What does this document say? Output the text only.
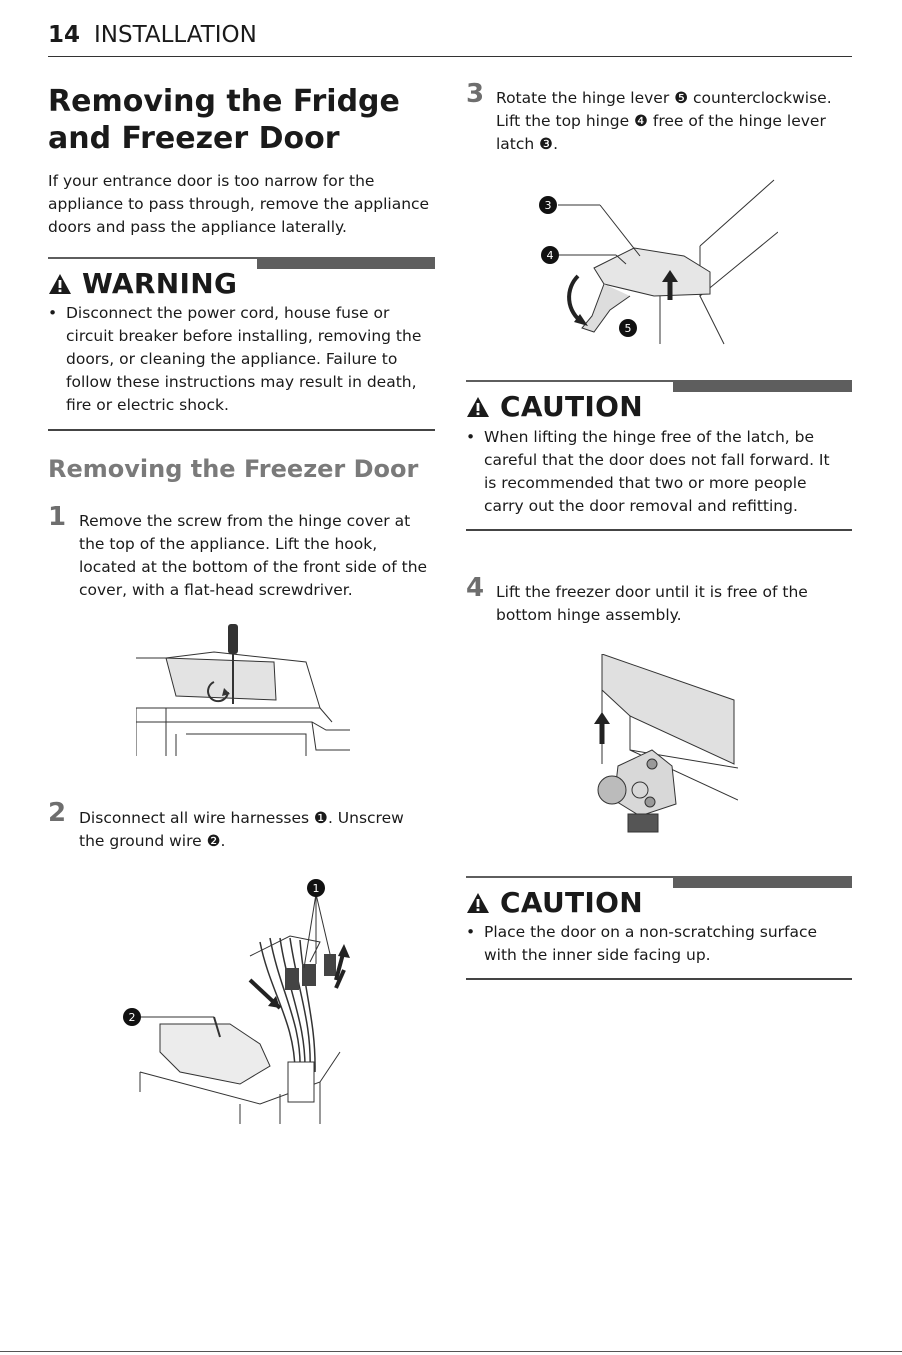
14 INSTALLATION
Removing the Fridge and Freezer Door

If your entrance door is too narrow for the appliance to pass through, remove the appliance doors and pass the appliance laterally.

WARNING
• Disconnect the power cord, house fuse or circuit breaker before installing, removing the doors, or cleaning the appliance. Failure to follow these instructions may result in death, fire or electric shock.
Removing the Freezer Door
1 Remove the screw from the hinge cover at the top of the appliance. Lift the hook, located at the bottom of the front side of the cover, with a flat-head screwdriver.

2 Disconnect all wire harnesses ❶. Unscrew the ground wire ❷.

1
2
3 Rotate the hinge lever ❺ counterclockwise. Lift the top hinge ❹ free of the hinge lever latch ❸.

3
4
5
CAUTION
• When lifting the hinge free of the latch, be careful that the door does not fall forward. It is recommended that two or more people carry out the door removal and refitting.
4 Lift the freezer door until it is free of the bottom hinge assembly.

CAUTION
• Place the door on a non-scratching surface with the inner side facing up.
